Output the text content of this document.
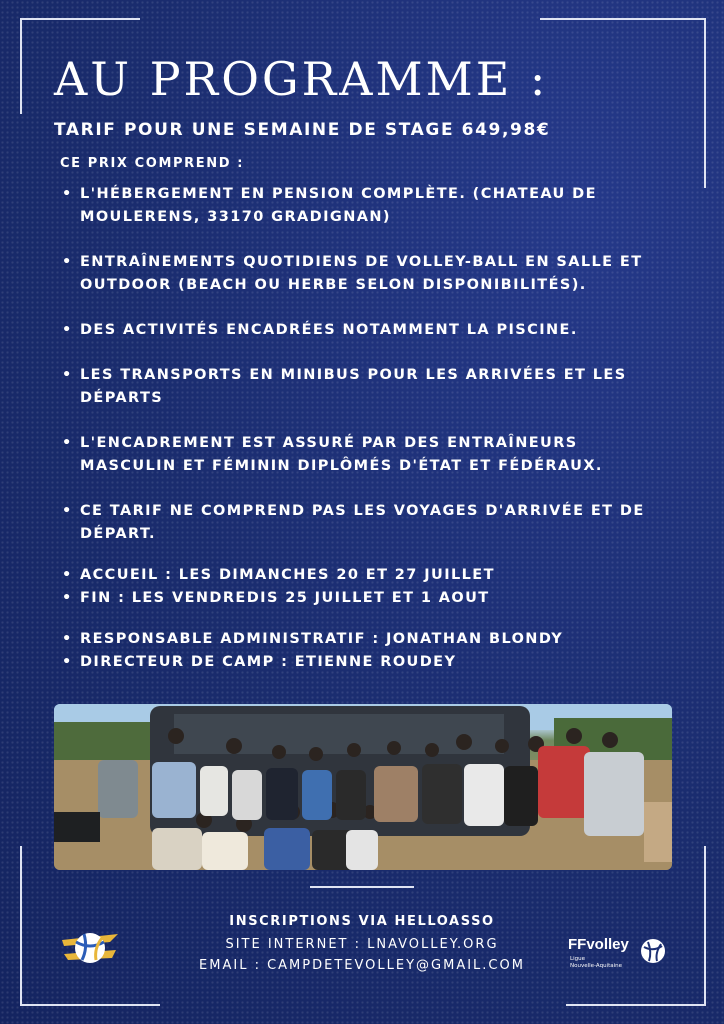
AU PROGRAMME :
TARIF POUR UNE SEMAINE DE STAGE 649,98€
CE PRIX COMPREND :
• L'HÉBERGEMENT EN PENSION COMPLÈTE. (CHATEAU DE MOULERENS, 33170 GRADIGNAN)
• ENTRAÎNEMENTS QUOTIDIENS DE VOLLEY-BALL EN SALLE ET OUTDOOR (BEACH OU HERBE SELON DISPONIBILITÉS).
• DES ACTIVITÉS ENCADRÉES NOTAMMENT LA PISCINE.
• LES TRANSPORTS EN MINIBUS POUR LES ARRIVÉES ET LES DÉPARTS
• L'ENCADREMENT EST ASSURÉ PAR DES ENTRAÎNEURS MASCULIN ET FÉMININ DIPLÔMÉS D'ÉTAT ET FÉDÉRAUX.
• CE TARIF NE COMPREND PAS LES VOYAGES D'ARRIVÉE ET DE DÉPART.
• ACCUEIL : LES DIMANCHES 20 ET 27 JUILLET
• FIN : LES VENDREDIS 25 JUILLET ET 1 AOUT
• RESPONSABLE ADMINISTRATIF : JONATHAN BLONDY
• DIRECTEUR DE CAMP : ETIENNE ROUDEY
INSCRIPTIONS VIA HELLOASSO
SITE INTERNET : LNAVOLLEY.ORG
EMAIL : CAMPDETEVOLLEY@GMAIL.COM
FFvolley
Ligue
Nouvelle-Aquitaine
